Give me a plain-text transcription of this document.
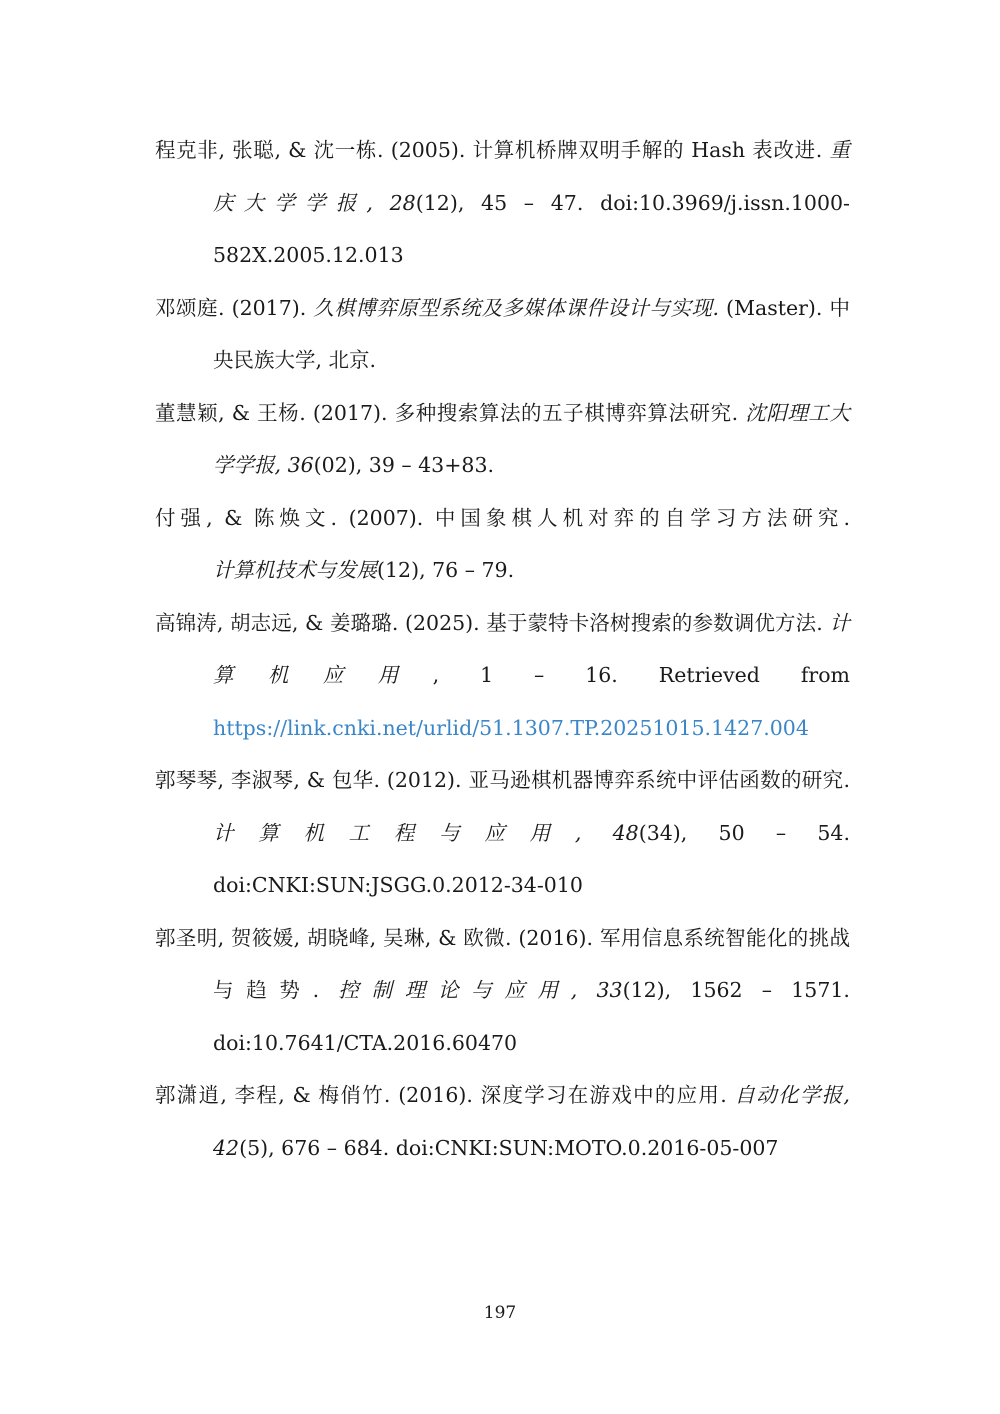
程克非, 张聪, & 沈一栋. (2005). 计算机桥牌双明手解的 Hash 表改进. 重庆大学学报, 28(12), 45 – 47. doi:10.3969/j.issn.1000-582X.2005.12.013
邓颂庭. (2017). 久棋博弈原型系统及多媒体课件设计与实现. (Master). 中央民族大学, 北京.
董慧颖, & 王杨. (2017). 多种搜索算法的五子棋博弈算法研究. 沈阳理工大学学报, 36(02), 39 – 43+83.
付强, & 陈焕文. (2007). 中国象棋人机对弈的自学习方法研究. 计算机技术与发展(12), 76 – 79.
高锦涛, 胡志远, & 姜璐璐. (2025). 基于蒙特卡洛树搜索的参数调优方法. 计算机应用, 1 – 16. Retrieved from https://link.cnki.net/urlid/51.1307.TP.20251015.1427.004
郭琴琴, 李淑琴, & 包华. (2012). 亚马逊棋机器博弈系统中评估函数的研究. 计算机工程与应用, 48(34), 50 – 54. doi:CNKI:SUN:JSGG.0.2012-34-010
郭圣明, 贺筱媛, 胡晓峰, 吴琳, & 欧微. (2016). 军用信息系统智能化的挑战与趋势. 控制理论与应用, 33(12), 1562 – 1571. doi:10.7641/CTA.2016.60470
郭潇逍, 李程, & 梅俏竹. (2016). 深度学习在游戏中的应用. 自动化学报, 42(5), 676 – 684. doi:CNKI:SUN:MOTO.0.2016-05-007
197
